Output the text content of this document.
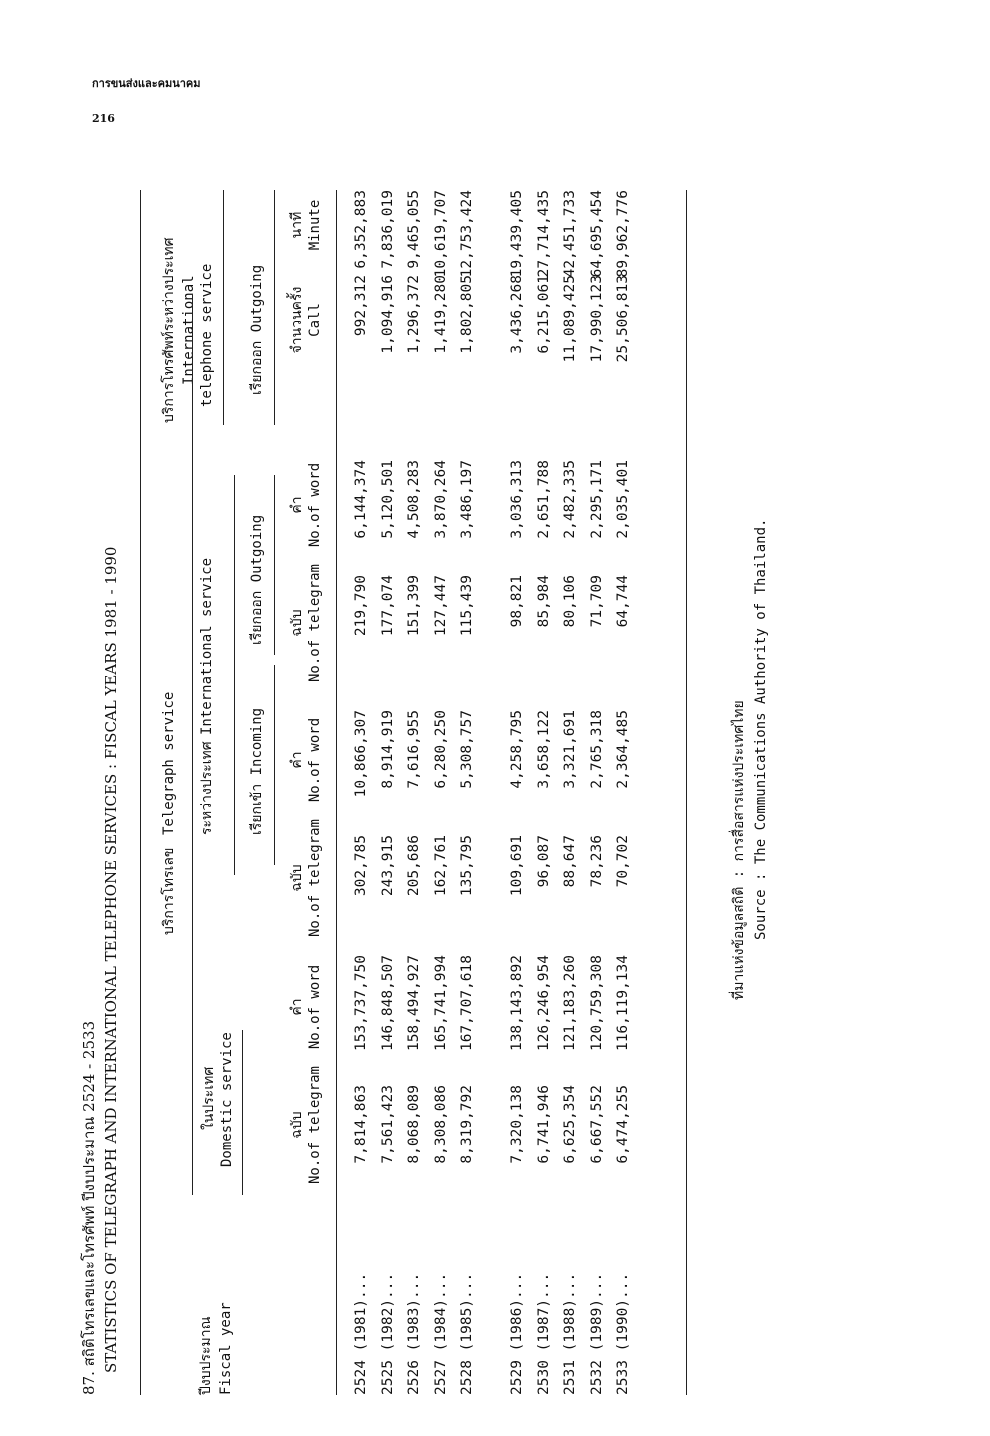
การขนส่งและคมนาคม
216
87. สถิติโทรเลขและโทรศัพท์ ปีงบประมาณ 2524 - 2533 STATISTICS OF TELEGRAPH AND INTERNATIONAL TELEPHONE SERVICES : FISCAL YEARS 1981 - 1990	ปีงบประมาณ Fiscal year
บริการโทรเลข
Telegraph service
บริการโทรศัพท์ระหว่างประเทศ International telephone service
ในประเทศ Domestic service
ระหว่างประเทศ
International service
เรียกเข้า Incoming
เรียกออก Outgoing
เรียกออก Outgoing
ฉบับ No.of telegram
คำ No.of word
ฉบับ No.of telegram
คำ No.of word
ฉบับ No.of telegram
คำ No.of word
จำนวนครั้ง Call
นาที Minute
2524 (1981)... 2525 (1982)... 2526 (1983)... 2527 (1984)... 2528 (1985)...
7,814,863 7,561,423 8,068,089 8,308,086 8,319,792
153,737,750 146,848,507 158,494,927 165,741,994 167,707,618
302,785 243,915 205,686 162,761 135,795
10,866,307 8,914,919 7,616,955 6,280,250 5,308,757
219,790 177,074 151,399 127,447 115,439
6,144,374 5,120,501 4,508,283 3,870,264 3,486,197
992,312 1,094,916 1,296,372 1,419,280 1,802,805
6,352,883 7,836,019 9,465,055 10,619,707 12,753,424
2529 (1986)... 2530 (1987)... 2531 (1988)... 2532 (1989)... 2533 (1990)...
7,320,138 6,741,946 6,625,354 6,667,552 6,474,255
138,143,892 126,246,954 121,183,260 120,759,308 116,119,134
109,691 96,087 88,647 78,236 70,702
4,258,795 3,658,122 3,321,691 2,765,318 2,364,485
98,821 85,984 80,106 71,709 64,744
3,036,313 2,651,788 2,482,335 2,295,171 2,035,401
3,436,268 6,215,061 11,089,425 17,990,123 25,506,813
19,439,405 27,714,435 42,451,733 64,695,454 89,962,776
ที่มาแห่งข้อมูลสถิติ : การสื่อสารแห่งประเทศไทย Source : The Communications Authority of Thailand.
